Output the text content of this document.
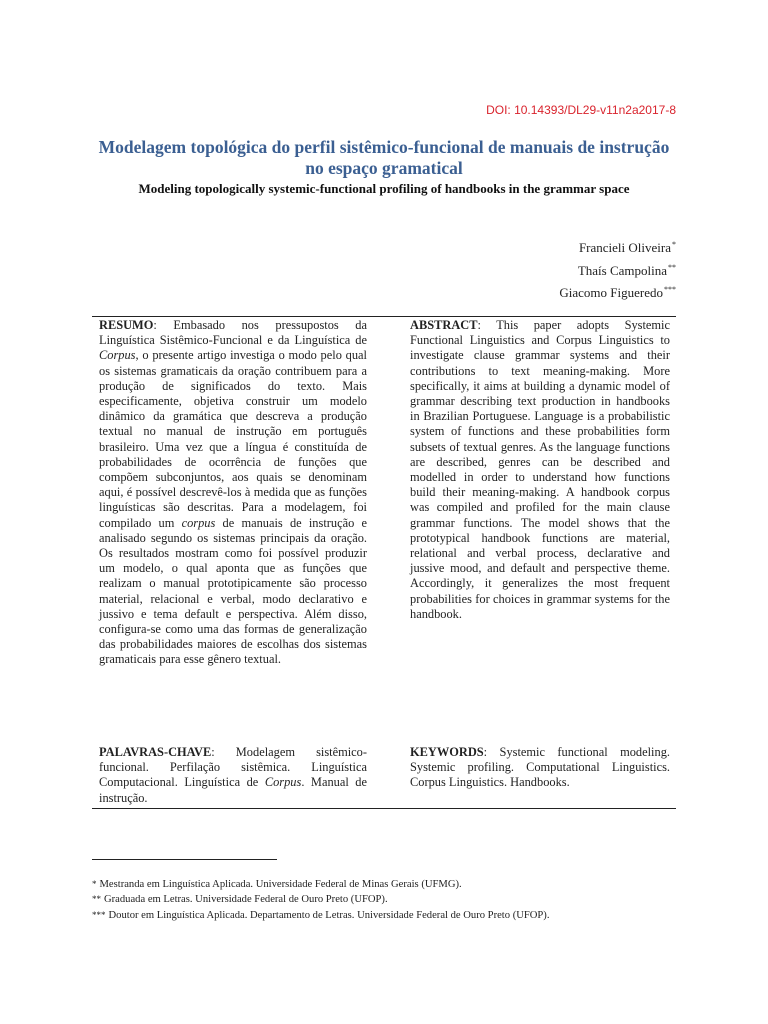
DOI: 10.14393/DL29-v11n2a2017-8
Modelagem topológica do perfil sistêmico-funcional de manuais de instrução no espaço gramatical
Modeling topologically systemic-functional profiling of handbooks in the grammar space
Francieli Oliveira*
Thaís Campolina**
Giacomo Figueredo***
RESUMO: Embasado nos pressupostos da Linguística Sistêmico-Funcional e da Linguística de Corpus, o presente artigo investiga o modo pelo qual os sistemas gramaticais da oração contribuem para a produção de significados do texto. Mais especificamente, objetiva construir um modelo dinâmico da gramática que descreva a produção textual no manual de instrução em português brasileiro. Uma vez que a língua é constituída de probabilidades de ocorrência de funções que compõem subconjuntos, aos quais se denominam aqui, é possível descrevê-los à medida que as funções linguísticas são descritas. Para a modelagem, foi compilado um corpus de manuais de instrução e analisado segundo os sistemas principais da oração. Os resultados mostram como foi possível produzir um modelo, o qual aponta que as funções que realizam o manual prototipicamente são processo material, relacional e verbal, modo declarativo e jussivo e tema default e perspectiva. Além disso, configura-se como uma das formas de generalização das probabilidades maiores de escolhas dos sistemas gramaticais para esse gênero textual.
ABSTRACT: This paper adopts Systemic Functional Linguistics and Corpus Linguistics to investigate clause grammar systems and their contributions to text meaning-making. More specifically, it aims at building a dynamic model of grammar describing text production in handbooks in Brazilian Portuguese. Language is a probabilistic system of functions and these probabilities form subsets of textual genres. As the language functions are described, genres can be described and modelled in order to understand how functions build their meaning-making. A handbook corpus was compiled and profiled for the main clause grammar functions. The model shows that the prototypical handbook functions are material, relational and verbal process, declarative and jussive mood, and default and perspective theme. Accordingly, it generalizes the most frequent probabilities for choices in grammar systems for the handbook.
PALAVRAS-CHAVE: Modelagem sistêmico-funcional. Perfilação sistêmica. Linguística Computacional. Linguística de Corpus. Manual de instrução.
KEYWORDS: Systemic functional modeling. Systemic profiling. Computational Linguistics. Corpus Linguistics. Handbooks.
* Mestranda em Linguística Aplicada. Universidade Federal de Minas Gerais (UFMG).
** Graduada em Letras. Universidade Federal de Ouro Preto (UFOP).
*** Doutor em Linguística Aplicada. Departamento de Letras. Universidade Federal de Ouro Preto (UFOP).
